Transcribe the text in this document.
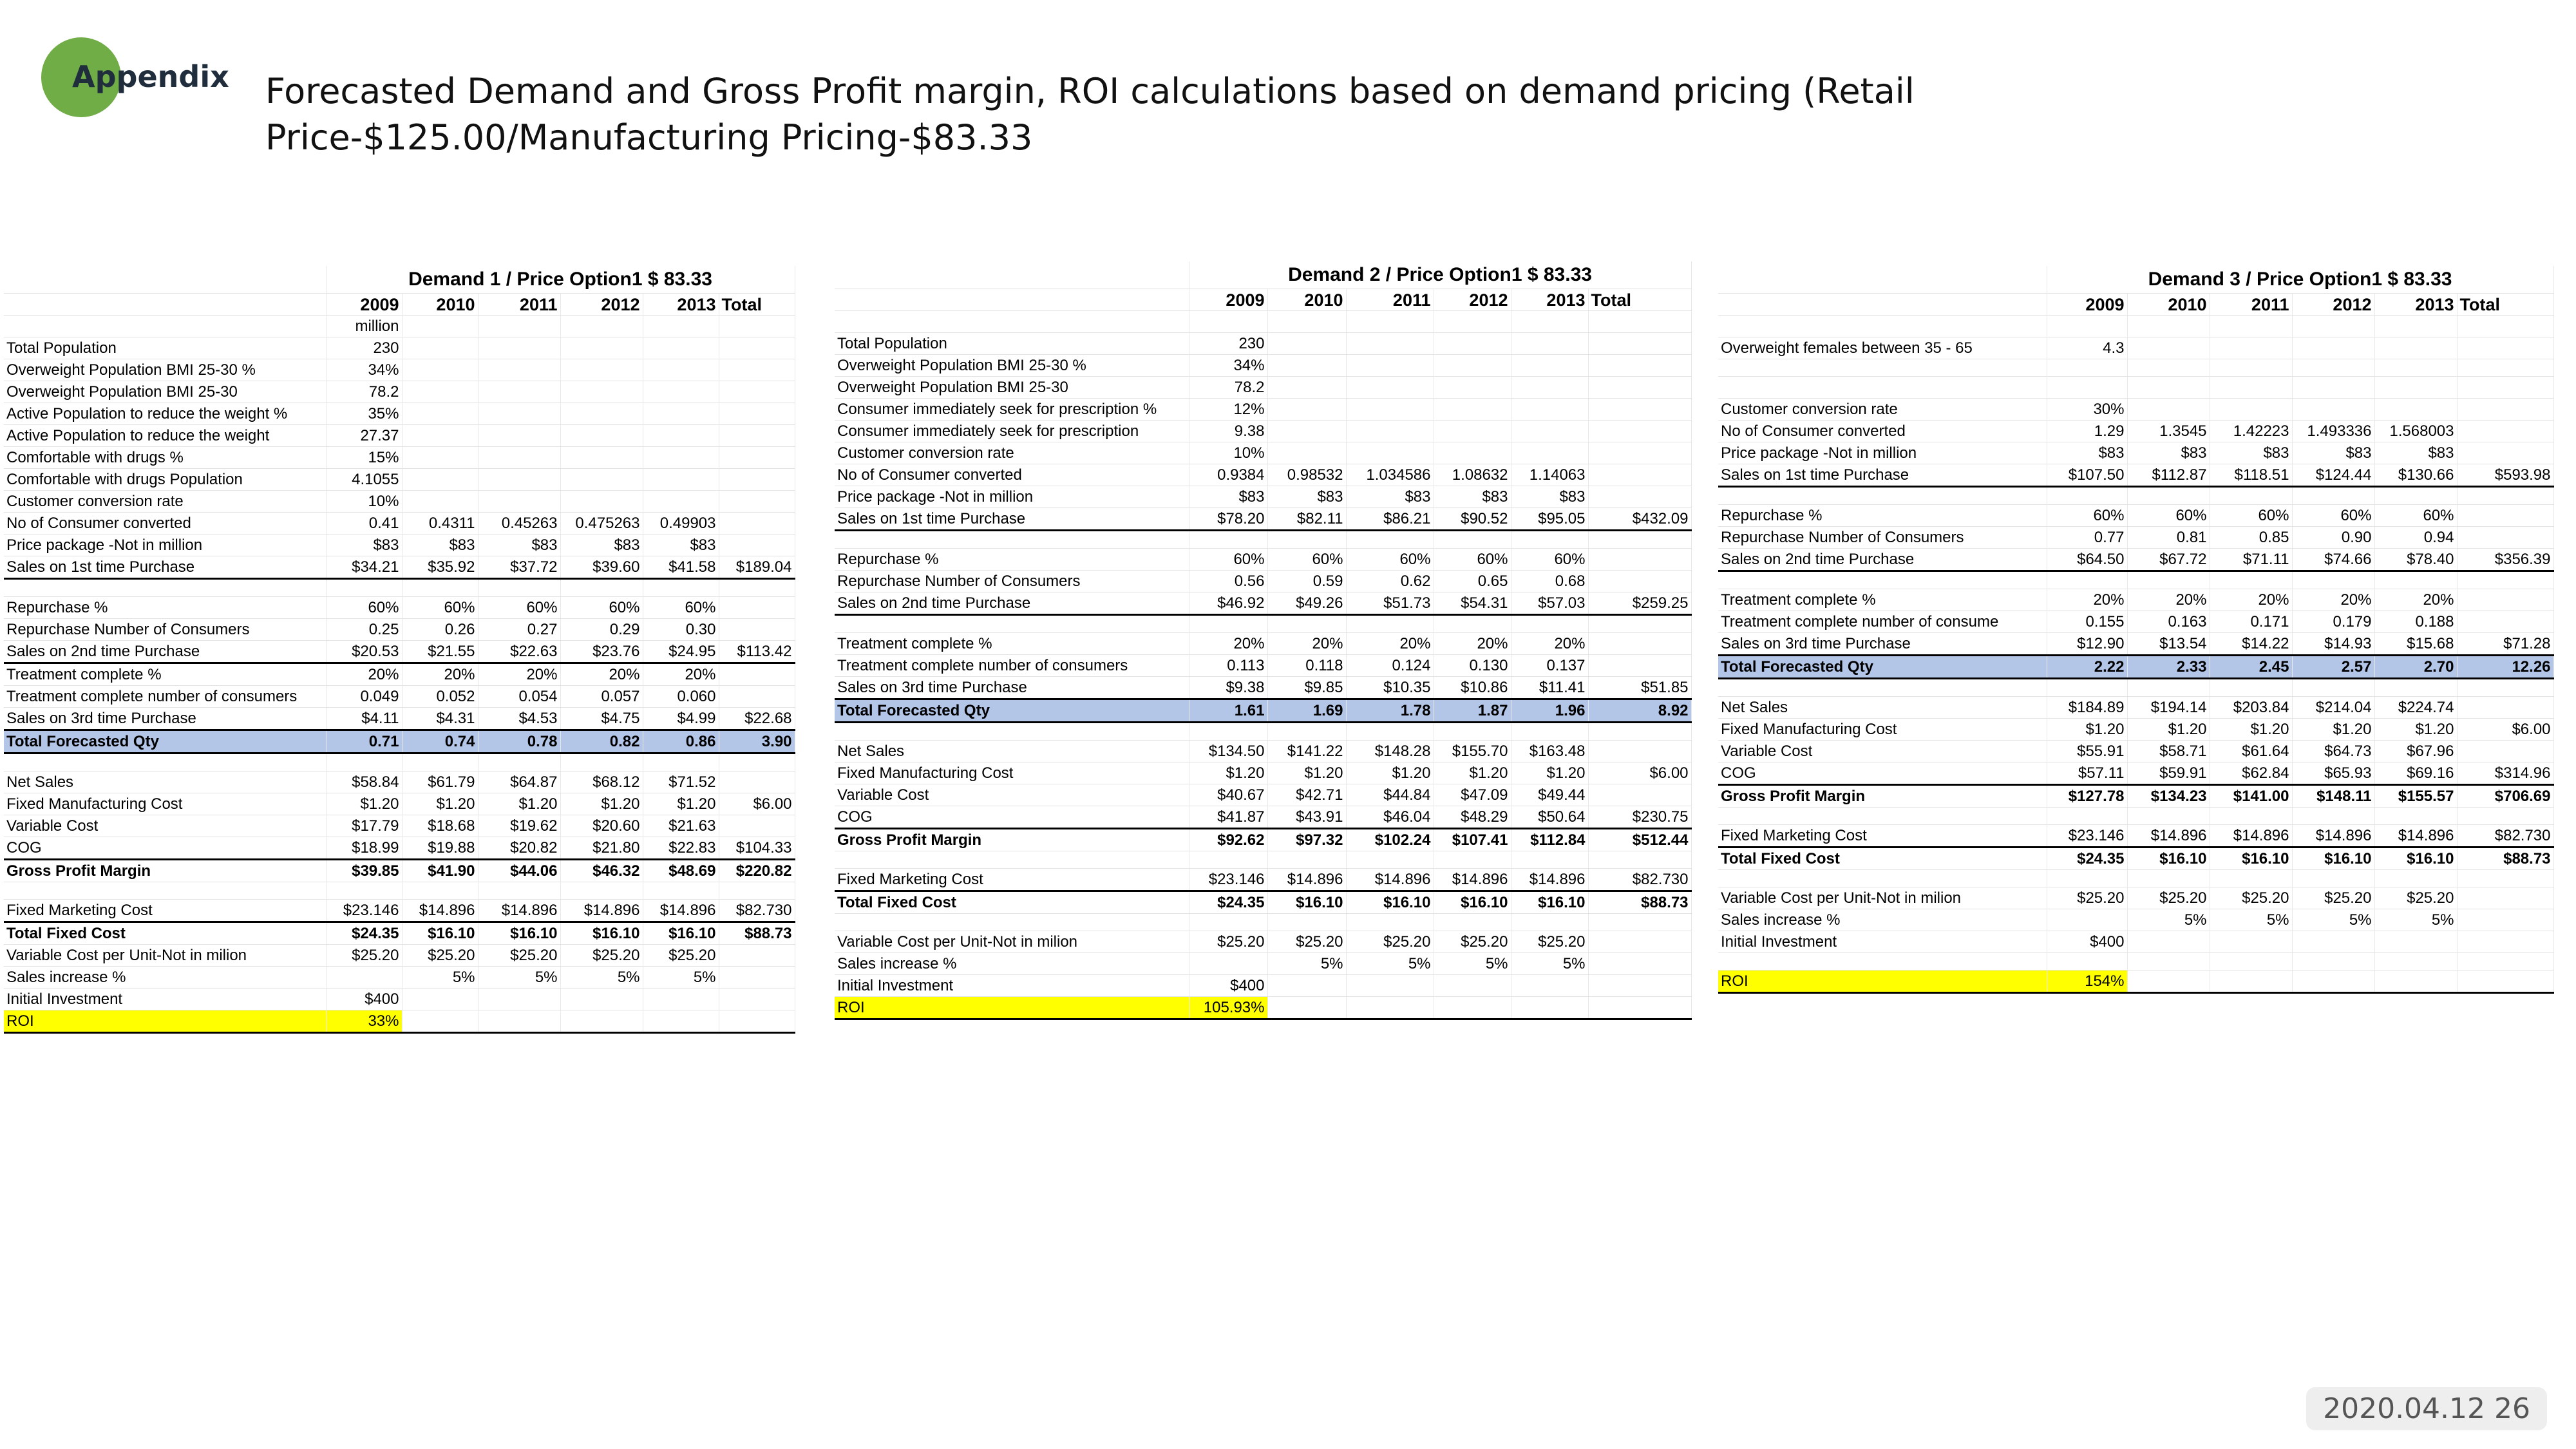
Appendix Forecasted Demand and Gross Profit margin, ROI calculations based on demand pricing (Retail Price-$125.00/Manufacturing Pricing-$83.33
	Demand 1 / Price Option1 $ 83.33					
	2009	2010	2011	2012	2013	Total
	million					
Total Population	230					
Overweight Population BMI 25-30 %	34%					
Overweight Population BMI 25-30	78.2					
Active Population to reduce the weight %	35%					
Active Population to reduce the weight	27.37					
Comfortable with drugs %	15%					
Comfortable with drugs Population	4.1055					
Customer conversion rate	10%					
No of Consumer converted	0.41	0.4311	0.45263	0.475263	0.49903	
Price package -Not in million	$83	$83	$83	$83	$83	
Sales on 1st time Purchase	$34.21	$35.92	$37.72	$39.60	$41.58	$189.04

Repurchase %	60%	60%	60%	60%	60%	
Repurchase Number of Consumers	0.25	0.26	0.27	0.29	0.30	
Sales on 2nd time Purchase	$20.53	$21.55	$22.63	$23.76	$24.95	$113.42
Treatment complete %	20%	20%	20%	20%	20%	
Treatment complete number of consumers	0.049	0.052	0.054	0.057	0.060	
Sales on 3rd time Purchase	$4.11	$4.31	$4.53	$4.75	$4.99	$22.68
Total Forecasted Qty	0.71	0.74	0.78	0.82	0.86	3.90

Net Sales	$58.84	$61.79	$64.87	$68.12	$71.52	
Fixed Manufacturing Cost	$1.20	$1.20	$1.20	$1.20	$1.20	$6.00
Variable Cost	$17.79	$18.68	$19.62	$20.60	$21.63	
COG	$18.99	$19.88	$20.82	$21.80	$22.83	$104.33
Gross Profit Margin	$39.85	$41.90	$44.06	$46.32	$48.69	$220.82

Fixed Marketing Cost	$23.146	$14.896	$14.896	$14.896	$14.896	$82.730
Total Fixed Cost	$24.35	$16.10	$16.10	$16.10	$16.10	$88.73
Variable Cost per Unit-Not in milion	$25.20	$25.20	$25.20	$25.20	$25.20	
Sales increase %		5%	5%	5%	5%	
Initial Investment	$400					
ROI	33%					
	Demand 2 / Price Option1 $ 83.33					
	2009	2010	2011	2012	2013	Total

Total Population	230					
Overweight Population BMI 25-30 %	34%					
Overweight Population BMI 25-30	78.2					
Consumer immediately seek for prescription %	12%					
Consumer immediately seek for prescription	9.38					
Customer conversion rate	10%					
No of Consumer converted	0.9384	0.98532	1.034586	1.08632	1.14063	
Price package -Not in million	$83	$83	$83	$83	$83	
Sales on 1st time Purchase	$78.20	$82.11	$86.21	$90.52	$95.05	$432.09

Repurchase %	60%	60%	60%	60%	60%	
Repurchase Number of Consumers	0.56	0.59	0.62	0.65	0.68	
Sales on 2nd time Purchase	$46.92	$49.26	$51.73	$54.31	$57.03	$259.25

Treatment complete %	20%	20%	20%	20%	20%	
Treatment complete number of consumers	0.113	0.118	0.124	0.130	0.137	
Sales on 3rd time Purchase	$9.38	$9.85	$10.35	$10.86	$11.41	$51.85
Total Forecasted Qty	1.61	1.69	1.78	1.87	1.96	8.92

Net Sales	$134.50	$141.22	$148.28	$155.70	$163.48	
Fixed Manufacturing Cost	$1.20	$1.20	$1.20	$1.20	$1.20	$6.00
Variable Cost	$40.67	$42.71	$44.84	$47.09	$49.44	
COG	$41.87	$43.91	$46.04	$48.29	$50.64	$230.75
Gross Profit Margin	$92.62	$97.32	$102.24	$107.41	$112.84	$512.44

Fixed Marketing Cost	$23.146	$14.896	$14.896	$14.896	$14.896	$82.730
Total Fixed Cost	$24.35	$16.10	$16.10	$16.10	$16.10	$88.73

Variable Cost per Unit-Not in milion	$25.20	$25.20	$25.20	$25.20	$25.20	
Sales increase %		5%	5%	5%	5%	
Initial Investment	$400					
ROI	105.93%					
	Demand 3 / Price Option1 $ 83.33					
	2009	2010	2011	2012	2013	Total

Overweight females between 35 - 65	4.3					

Customer conversion rate	30%					
No of Consumer converted	1.29	1.3545	1.42223	1.493336	1.568003	
Price package -Not in million	$83	$83	$83	$83	$83	
Sales on 1st time Purchase	$107.50	$112.87	$118.51	$124.44	$130.66	$593.98

Repurchase %	60%	60%	60%	60%	60%	
Repurchase Number of Consumers	0.77	0.81	0.85	0.90	0.94	
Sales on 2nd time Purchase	$64.50	$67.72	$71.11	$74.66	$78.40	$356.39

Treatment complete %	20%	20%	20%	20%	20%	
Treatment complete number of consume	0.155	0.163	0.171	0.179	0.188	
Sales on 3rd time Purchase	$12.90	$13.54	$14.22	$14.93	$15.68	$71.28
Total Forecasted Qty	2.22	2.33	2.45	2.57	2.70	12.26

Net Sales	$184.89	$194.14	$203.84	$214.04	$224.74	
Fixed Manufacturing Cost	$1.20	$1.20	$1.20	$1.20	$1.20	$6.00
Variable Cost	$55.91	$58.71	$61.64	$64.73	$67.96	
COG	$57.11	$59.91	$62.84	$65.93	$69.16	$314.96
Gross Profit Margin	$127.78	$134.23	$141.00	$148.11	$155.57	$706.69

Fixed Marketing Cost	$23.146	$14.896	$14.896	$14.896	$14.896	$82.730
Total Fixed Cost	$24.35	$16.10	$16.10	$16.10	$16.10	$88.73

Variable Cost per Unit-Not in milion	$25.20	$25.20	$25.20	$25.20	$25.20	
Sales increase %		5%	5%	5%	5%	
Initial Investment	$400					

ROI	154%					
2020.04.12 26
